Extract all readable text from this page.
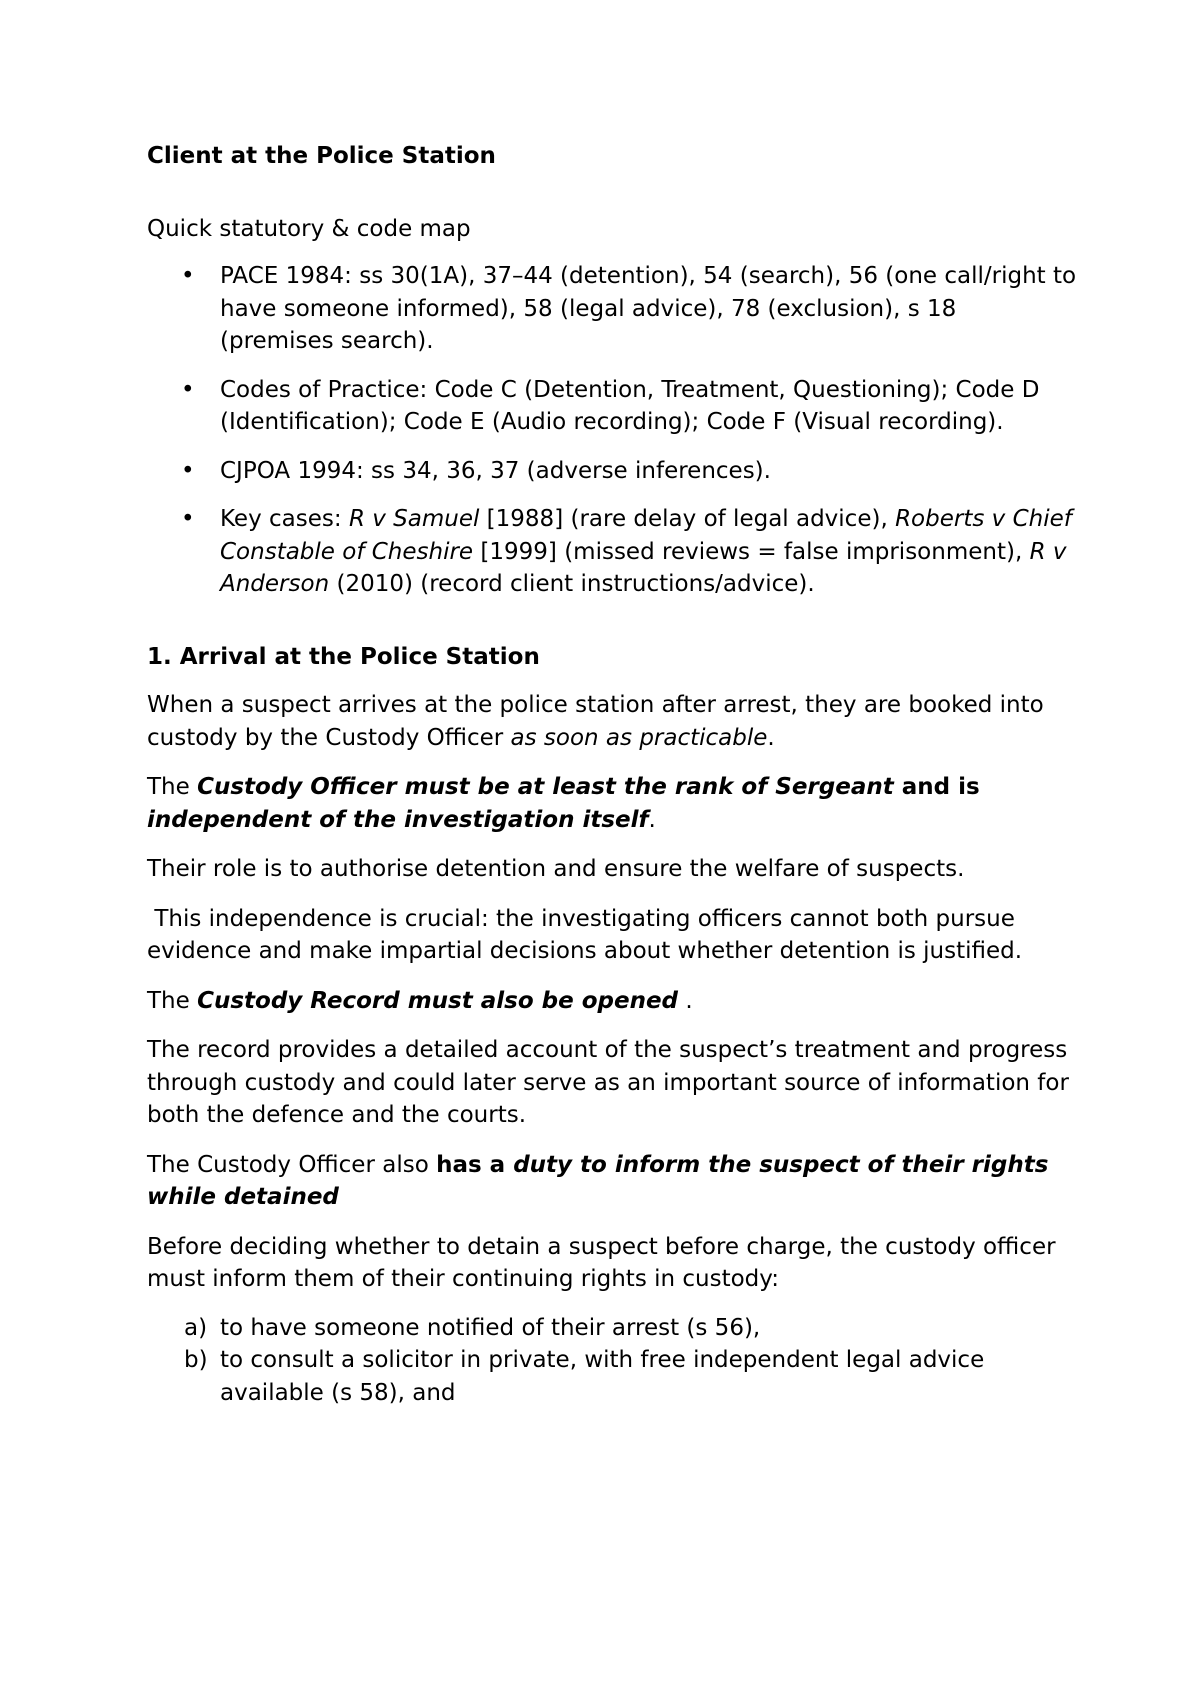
Client at the Police Station

Quick statutory & code map

• PACE 1984: ss 30(1A), 37–44 (detention), 54 (search), 56 (one call/right to have someone informed), 58 (legal advice), 78 (exclusion), s 18 (premises search).
• Codes of Practice: Code C (Detention, Treatment, Questioning); Code D (Identification); Code E (Audio recording); Code F (Visual recording).
• CJPOA 1994: ss 34, 36, 37 (adverse inferences).
• Key cases: R v Samuel [1988] (rare delay of legal advice), Roberts v Chief Constable of Cheshire [1999] (missed reviews = false imprisonment), R v Anderson (2010) (record client instructions/advice).

1. Arrival at the Police Station

When a suspect arrives at the police station after arrest, they are booked into custody by the Custody Officer as soon as practicable.

The Custody Officer must be at least the rank of Sergeant and is independent of the investigation itself.

Their role is to authorise detention and ensure the welfare of suspects.

This independence is crucial: the investigating officers cannot both pursue evidence and make impartial decisions about whether detention is justified.

The Custody Record must also be opened .

The record provides a detailed account of the suspect’s treatment and progress through custody and could later serve as an important source of information for both the defence and the courts.

The Custody Officer also has a duty to inform the suspect of their rights while detained

Before deciding whether to detain a suspect before charge, the custody officer must inform them of their continuing rights in custody:

a) to have someone notified of their arrest (s 56),
b) to consult a solicitor in private, with free independent legal advice available (s 58), and
